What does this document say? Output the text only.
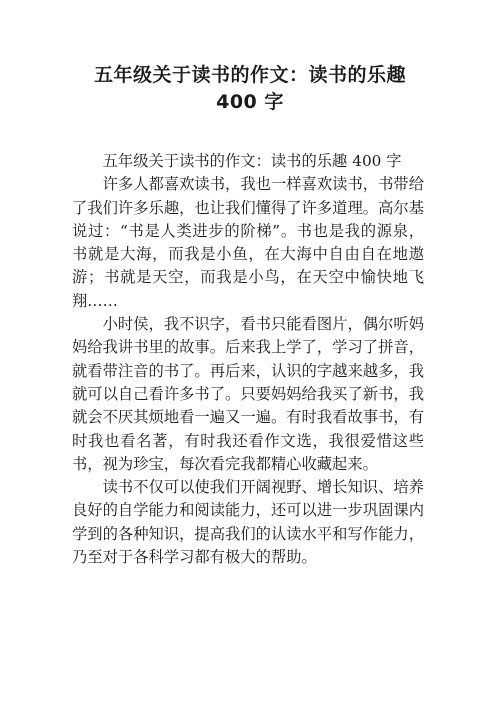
五年级关于读书的作文：读书的乐趣
400 字

五年级关于读书的作文：读书的乐趣 400 字

许多人都喜欢读书，我也一样喜欢读书，书带给了我们许多乐趣，也让我们懂得了许多道理。高尔基说过：“书是人类进步的阶梯”。书也是我的源泉，书就是大海，而我是小鱼，在大海中自由自在地遨游；书就是天空，而我是小鸟，在天空中愉快地飞翔……

小时侯，我不识字，看书只能看图片，偶尔听妈妈给我讲书里的故事。后来我上学了，学习了拼音，就看带注音的书了。再后来，认识的字越来越多，我就可以自己看许多书了。只要妈妈给我买了新书，我就会不厌其烦地看一遍又一遍。有时我看故事书，有时我也看名著，有时我还看作文选，我很爱惜这些书，视为珍宝，每次看完我都精心收藏起来。

读书不仅可以使我们开阔视野、增长知识、培养良好的自学能力和阅读能力，还可以进一步巩固课内学到的各种知识，提高我们的认读水平和写作能力，乃至对于各科学习都有极大的帮助。
